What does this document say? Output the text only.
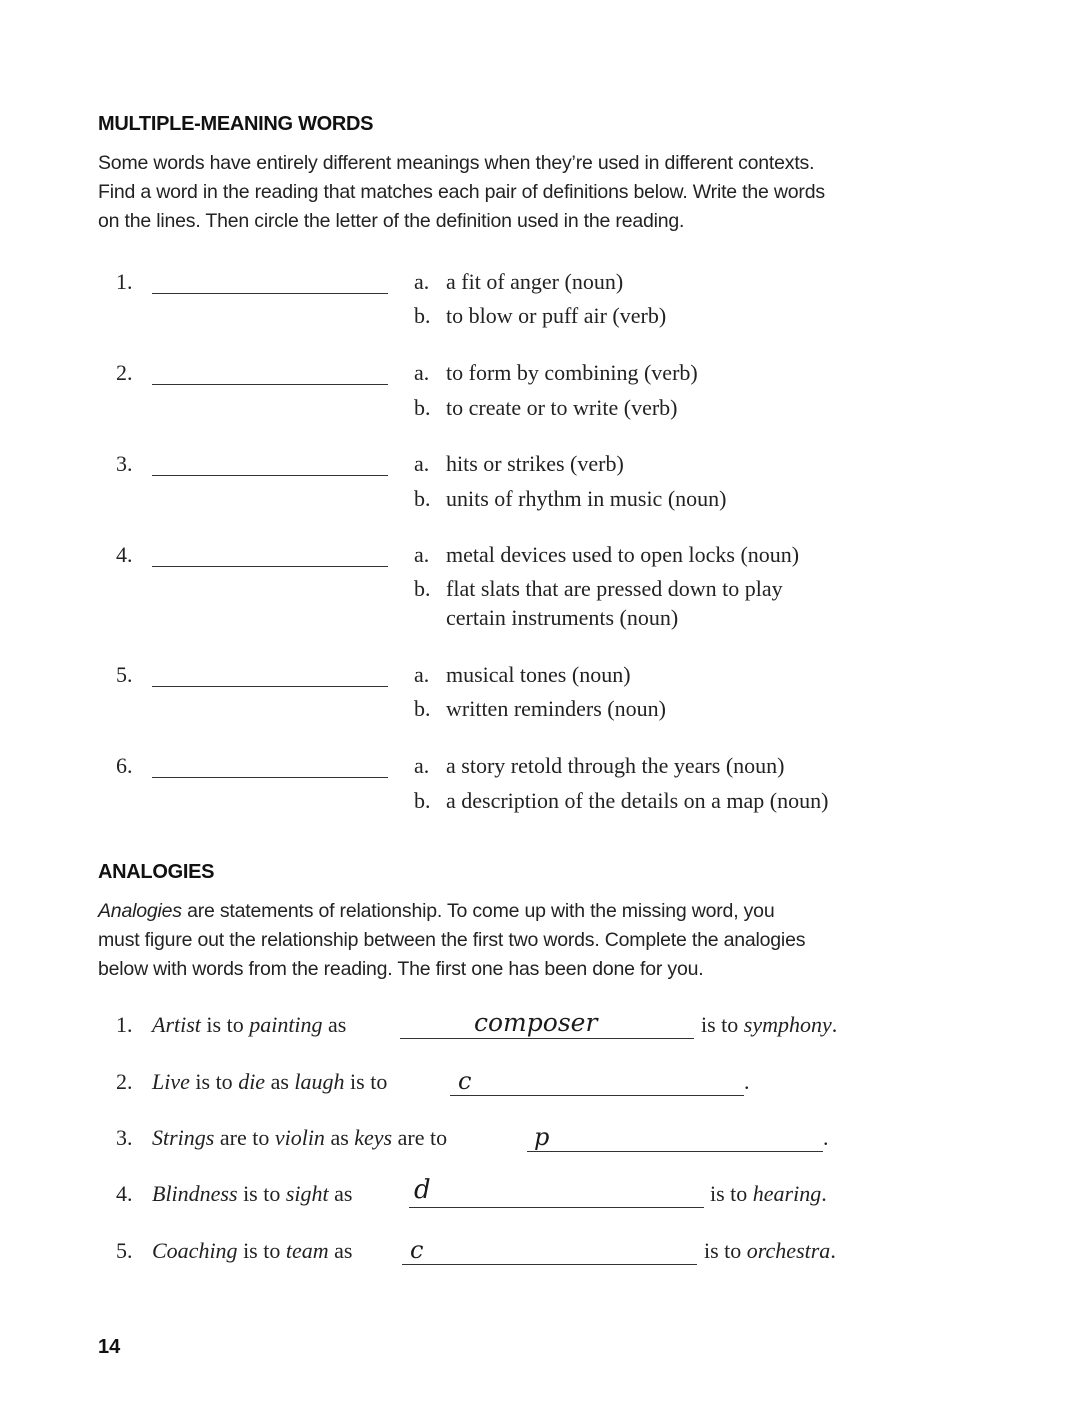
MULTIPLE-MEANING WORDS

Some words have entirely different meanings when they’re used in different contexts.

Find a word in the reading that matches each pair of definitions below. Write the words

on the lines. Then circle the letter of the definition used in the reading.

1.	a. a fit of anger (noun)
b. to blow or puff air (verb)
2.	a. to form by combining (verb)
b. to create or to write (verb)
3.	a. hits or strikes (verb)
b. units of rhythm in music (noun)
4.	a. metal devices used to open locks (noun)
b. flat slats that are pressed down to play
certain instruments (noun)
5.	a. musical tones (noun)
b. written reminders (noun)
6.	a. a story retold through the years (noun)
b. a description of the details on a map (noun)
ANALOGIES

Analogies are statements of relationship. To come up with the missing word, you

must figure out the relationship between the first two words. Complete the analogies

below with words from the reading. The first one has been done for you.

1. Artist is to painting as	composer	is to symphony.
2. Live is to die as laugh is to	c	.
3. Strings are to violin as keys are to	p	.
4. Blindness is to sight as d	is to hearing.
5. Coaching is to team as c	is to orchestra.
14
